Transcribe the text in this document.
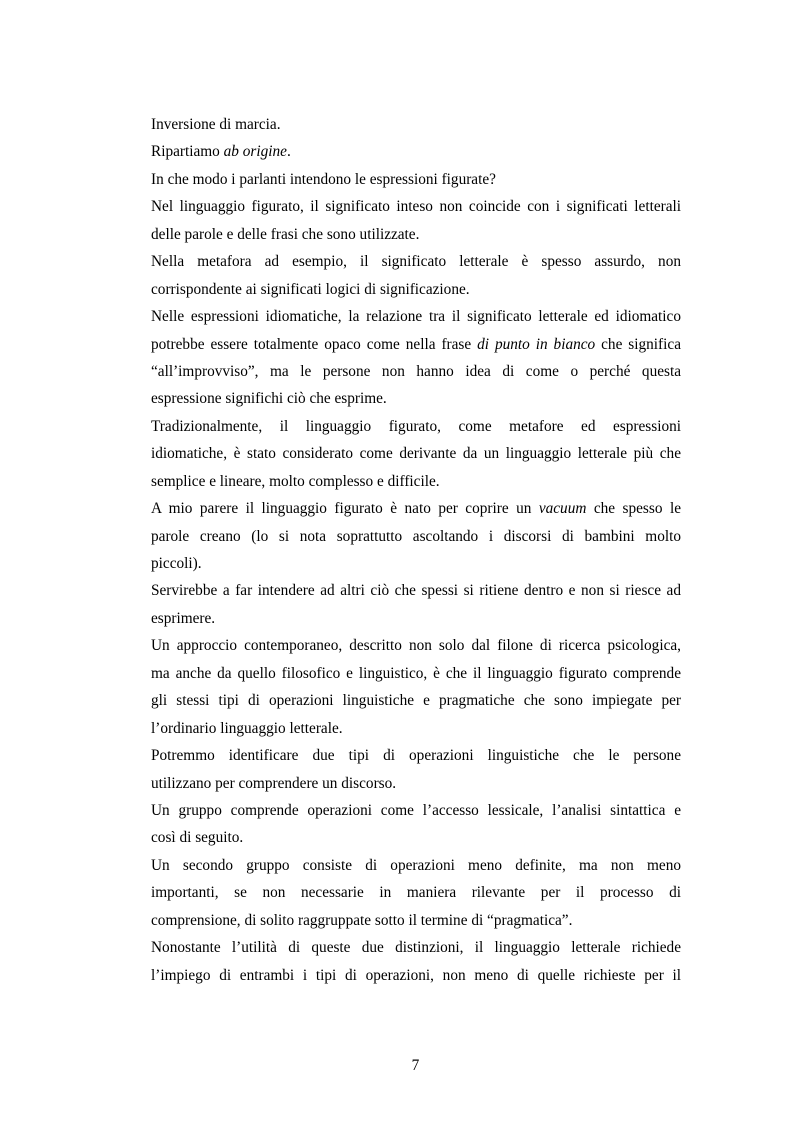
Inversione di marcia.
Ripartiamo ab origine.
In che modo i parlanti intendono le espressioni figurate?
Nel linguaggio figurato, il significato inteso non coincide con i significati letterali
delle parole e delle frasi che sono utilizzate.
Nella metafora ad esempio, il significato letterale è spesso assurdo, non
corrispondente ai significati logici di significazione.
Nelle espressioni idiomatiche, la relazione tra il significato letterale ed idiomatico
potrebbe essere totalmente opaco come nella frase di punto in bianco che significa
“all’improvviso”, ma le persone non hanno idea di come o perché questa
espressione significhi ciò che esprime.
Tradizionalmente, il linguaggio figurato, come metafore ed espressioni
idiomatiche, è stato considerato come derivante da un linguaggio letterale più che
semplice e lineare, molto complesso e difficile.
A mio parere il linguaggio figurato è nato per coprire un vacuum che spesso le
parole creano (lo si nota soprattutto ascoltando i discorsi di bambini molto
piccoli).
Servirebbe a far intendere ad altri ciò che spessi si ritiene dentro e non si riesce ad
esprimere.
Un approccio contemporaneo, descritto non solo dal filone di ricerca psicologica,
ma anche da quello filosofico e linguistico, è che il linguaggio figurato comprende
gli stessi tipi di operazioni linguistiche e pragmatiche che sono impiegate per
l’ordinario linguaggio letterale.
Potremmo identificare due tipi di operazioni linguistiche che le persone
utilizzano per comprendere un discorso.
Un gruppo comprende operazioni come l’accesso lessicale, l’analisi sintattica e
così di seguito.
Un secondo gruppo consiste di operazioni meno definite, ma non meno
importanti, se non necessarie in maniera rilevante per il processo di
comprensione, di solito raggruppate sotto il termine di “pragmatica”.
Nonostante l’utilità di queste due distinzioni, il linguaggio letterale richiede
l’impiego di entrambi i tipi di operazioni, non meno di quelle richieste per il
7
